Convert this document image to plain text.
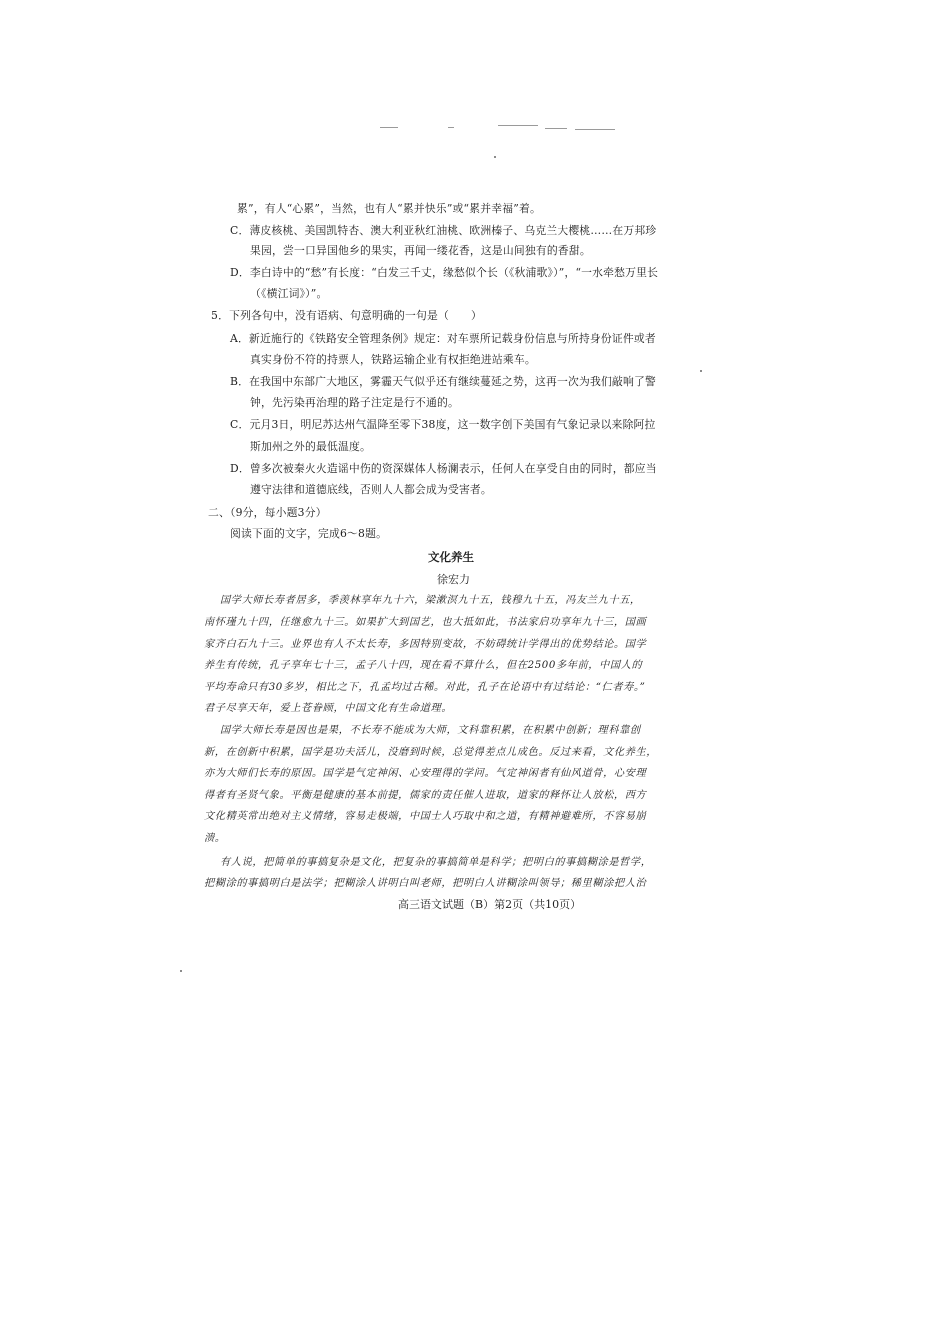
累”，有人“心累”，当然，也有人“累并快乐”或“累并幸福”着。
C．薄皮核桃、美国凯特杏、澳大利亚秋红油桃、欧洲榛子、乌克兰大樱桃……在万邦珍
果园，尝一口异国他乡的果实，再闻一缕花香，这是山间独有的香甜。
D．李白诗中的“愁”有长度：“白发三千丈，缘愁似个长（《秋浦歌》）”，“一水牵愁万里长
（《横江词》）”。
5．下列各句中，没有语病、句意明确的一句是（　　）
A．新近施行的《铁路安全管理条例》规定：对车票所记载身份信息与所持身份证件或者
真实身份不符的持票人，铁路运输企业有权拒绝进站乘车。
B．在我国中东部广大地区，雾霾天气似乎还有继续蔓延之势，这再一次为我们敲响了警
钟，先污染再治理的路子注定是行不通的。
C．元月3日，明尼苏达州气温降至零下38度，这一数字创下美国有气象记录以来除阿拉
斯加州之外的最低温度。
D．曾多次被秦火火造谣中伤的资深媒体人杨澜表示，任何人在享受自由的同时，都应当
遵守法律和道德底线，否则人人都会成为受害者。
二、（9分，每小题3分）
阅读下面的文字，完成6～8题。
文化养生
徐宏力
国学大师长寿者居多，季羡林享年九十六，梁漱溟九十五，钱穆九十五，冯友兰九十五，
南怀瑾九十四，任继愈九十三。如果扩大到国艺，也大抵如此，书法家启功享年九十三，国画
家齐白石九十三。业界也有人不太长寿，多因特别变故，不妨碍统计学得出的优势结论。国学
养生有传统，孔子享年七十三，孟子八十四，现在看不算什么，但在2500多年前，中国人的
平均寿命只有30多岁，相比之下，孔孟均过古稀。对此，孔子在论语中有过结论：“仁者寿。”
君子尽享天年，爱上苍眷顾，中国文化有生命道理。
国学大师长寿是因也是果，不长寿不能成为大师，文科靠积累，在积累中创新；理科靠创
新，在创新中积累，国学是功夫活儿，没磨到时候，总觉得差点儿成色。反过来看，文化养生，
亦为大师们长寿的原因。国学是气定神闲、心安理得的学问。气定神闲者有仙风道骨，心安理
得者有圣贤气象。平衡是健康的基本前提，儒家的责任催人进取，道家的释怀让人放松，西方
文化精英常出绝对主义情绪，容易走极端，中国士人巧取中和之道，有精神避难所，不容易崩
溃。
有人说，把简单的事搞复杂是文化，把复杂的事搞简单是科学；把明白的事搞糊涂是哲学，
把糊涂的事搞明白是法学；把糊涂人讲明白叫老师，把明白人讲糊涂叫领导；稀里糊涂把人治
高三语文试题（B）第2页（共10页）
